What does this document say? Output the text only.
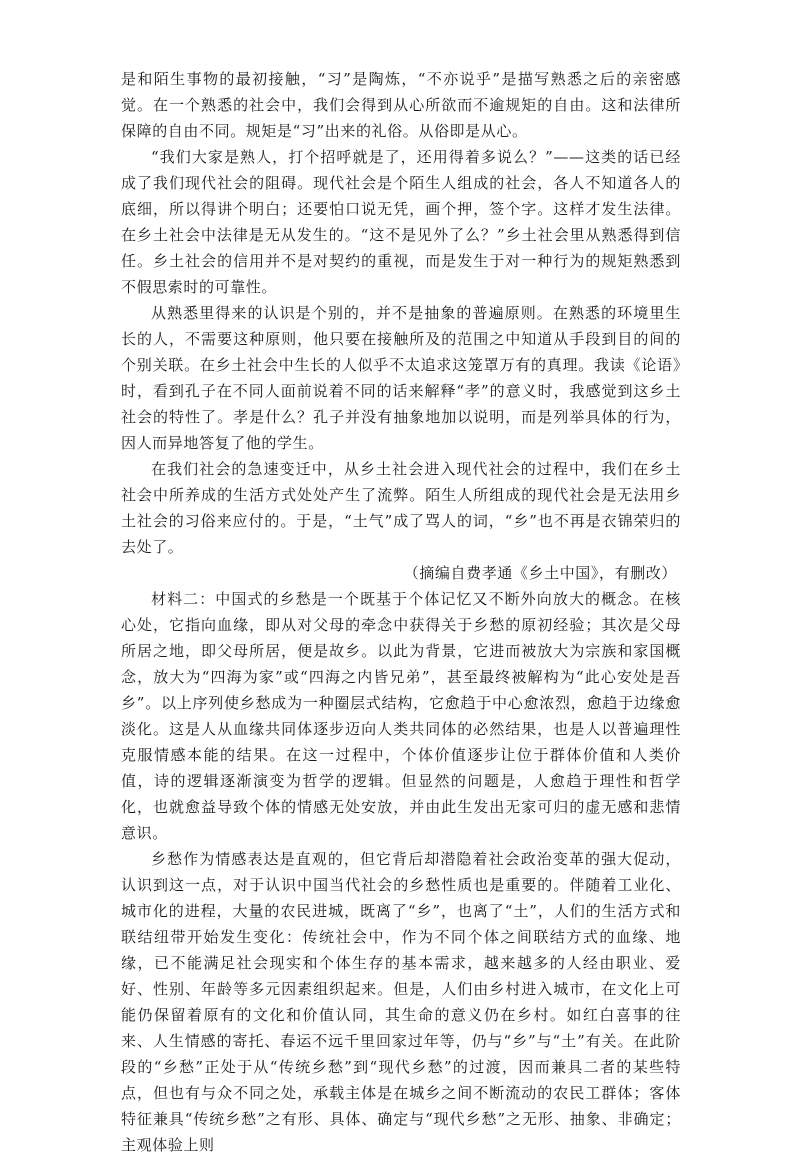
是和陌生事物的最初接触，“习”是陶炼，“不亦说乎”是描写熟悉之后的亲密感觉。在一个熟悉的社会中，我们会得到从心所欲而不逾规矩的自由。这和法律所保障的自由不同。规矩是“习”出来的礼俗。从俗即是从心。

“我们大家是熟人，打个招呼就是了，还用得着多说么？”——这类的话已经成了我们现代社会的阻碍。现代社会是个陌生人组成的社会，各人不知道各人的底细，所以得讲个明白；还要怕口说无凭，画个押，签个字。这样才发生法律。在乡土社会中法律是无从发生的。“这不是见外了么？”乡土社会里从熟悉得到信任。乡土社会的信用并不是对契约的重视，而是发生于对一种行为的规矩熟悉到不假思索时的可靠性。

从熟悉里得来的认识是个别的，并不是抽象的普遍原则。在熟悉的环境里生长的人，不需要这种原则，他只要在接触所及的范围之中知道从手段到目的间的个别关联。在乡土社会中生长的人似乎不太追求这笼罩万有的真理。我读《论语》时，看到孔子在不同人面前说着不同的话来解释“孝”的意义时，我感觉到这乡土社会的特性了。孝是什么？孔子并没有抽象地加以说明，而是列举具体的行为，因人而异地答复了他的学生。

在我们社会的急速变迁中，从乡土社会进入现代社会的过程中，我们在乡土社会中所养成的生活方式处处产生了流弊。陌生人所组成的现代社会是无法用乡土社会的习俗来应付的。于是，“土气”成了骂人的词，“乡”也不再是衣锦荣归的去处了。

（摘编自费孝通《乡土中国》，有删改）

材料二：中国式的乡愁是一个既基于个体记忆又不断外向放大的概念。在核心处，它指向血缘，即从对父母的牵念中获得关于乡愁的原初经验；其次是父母所居之地，即父母所居，便是故乡。以此为背景，它进而被放大为宗族和家国概念，放大为“四海为家”或“四海之内皆兄弟”，甚至最终被解构为“此心安处是吾乡”。以上序列使乡愁成为一种圈层式结构，它愈趋于中心愈浓烈，愈趋于边缘愈淡化。这是人从血缘共同体逐步迈向人类共同体的必然结果，也是人以普遍理性克服情感本能的结果。在这一过程中，个体价值逐步让位于群体价值和人类价值，诗的逻辑逐渐演变为哲学的逻辑。但显然的问题是，人愈趋于理性和哲学化，也就愈益导致个体的情感无处安放，并由此生发出无家可归的虚无感和悲情意识。

乡愁作为情感表达是直观的，但它背后却潜隐着社会政治变革的强大促动，认识到这一点，对于认识中国当代社会的乡愁性质也是重要的。伴随着工业化、城市化的进程，大量的农民进城，既离了“乡”，也离了“土”，人们的生活方式和联结纽带开始发生变化：传统社会中，作为不同个体之间联结方式的血缘、地缘，已不能满足社会现实和个体生存的基本需求，越来越多的人经由职业、爱好、性别、年龄等多元因素组织起来。但是，人们由乡村进入城市，在文化上可能仍保留着原有的文化和价值认同，其生命的意义仍在乡村。如红白喜事的往来、人生情感的寄托、春运不远千里回家过年等，仍与“乡”与“土”有关。在此阶段的“乡愁”正处于从“传统乡愁”到“现代乡愁”的过渡，因而兼具二者的某些特点，但也有与众不同之处，承载主体是在城乡之间不断流动的农民工群体；客体特征兼具“传统乡愁”之有形、具体、确定与“现代乡愁”之无形、抽象、非确定；主观体验上则
